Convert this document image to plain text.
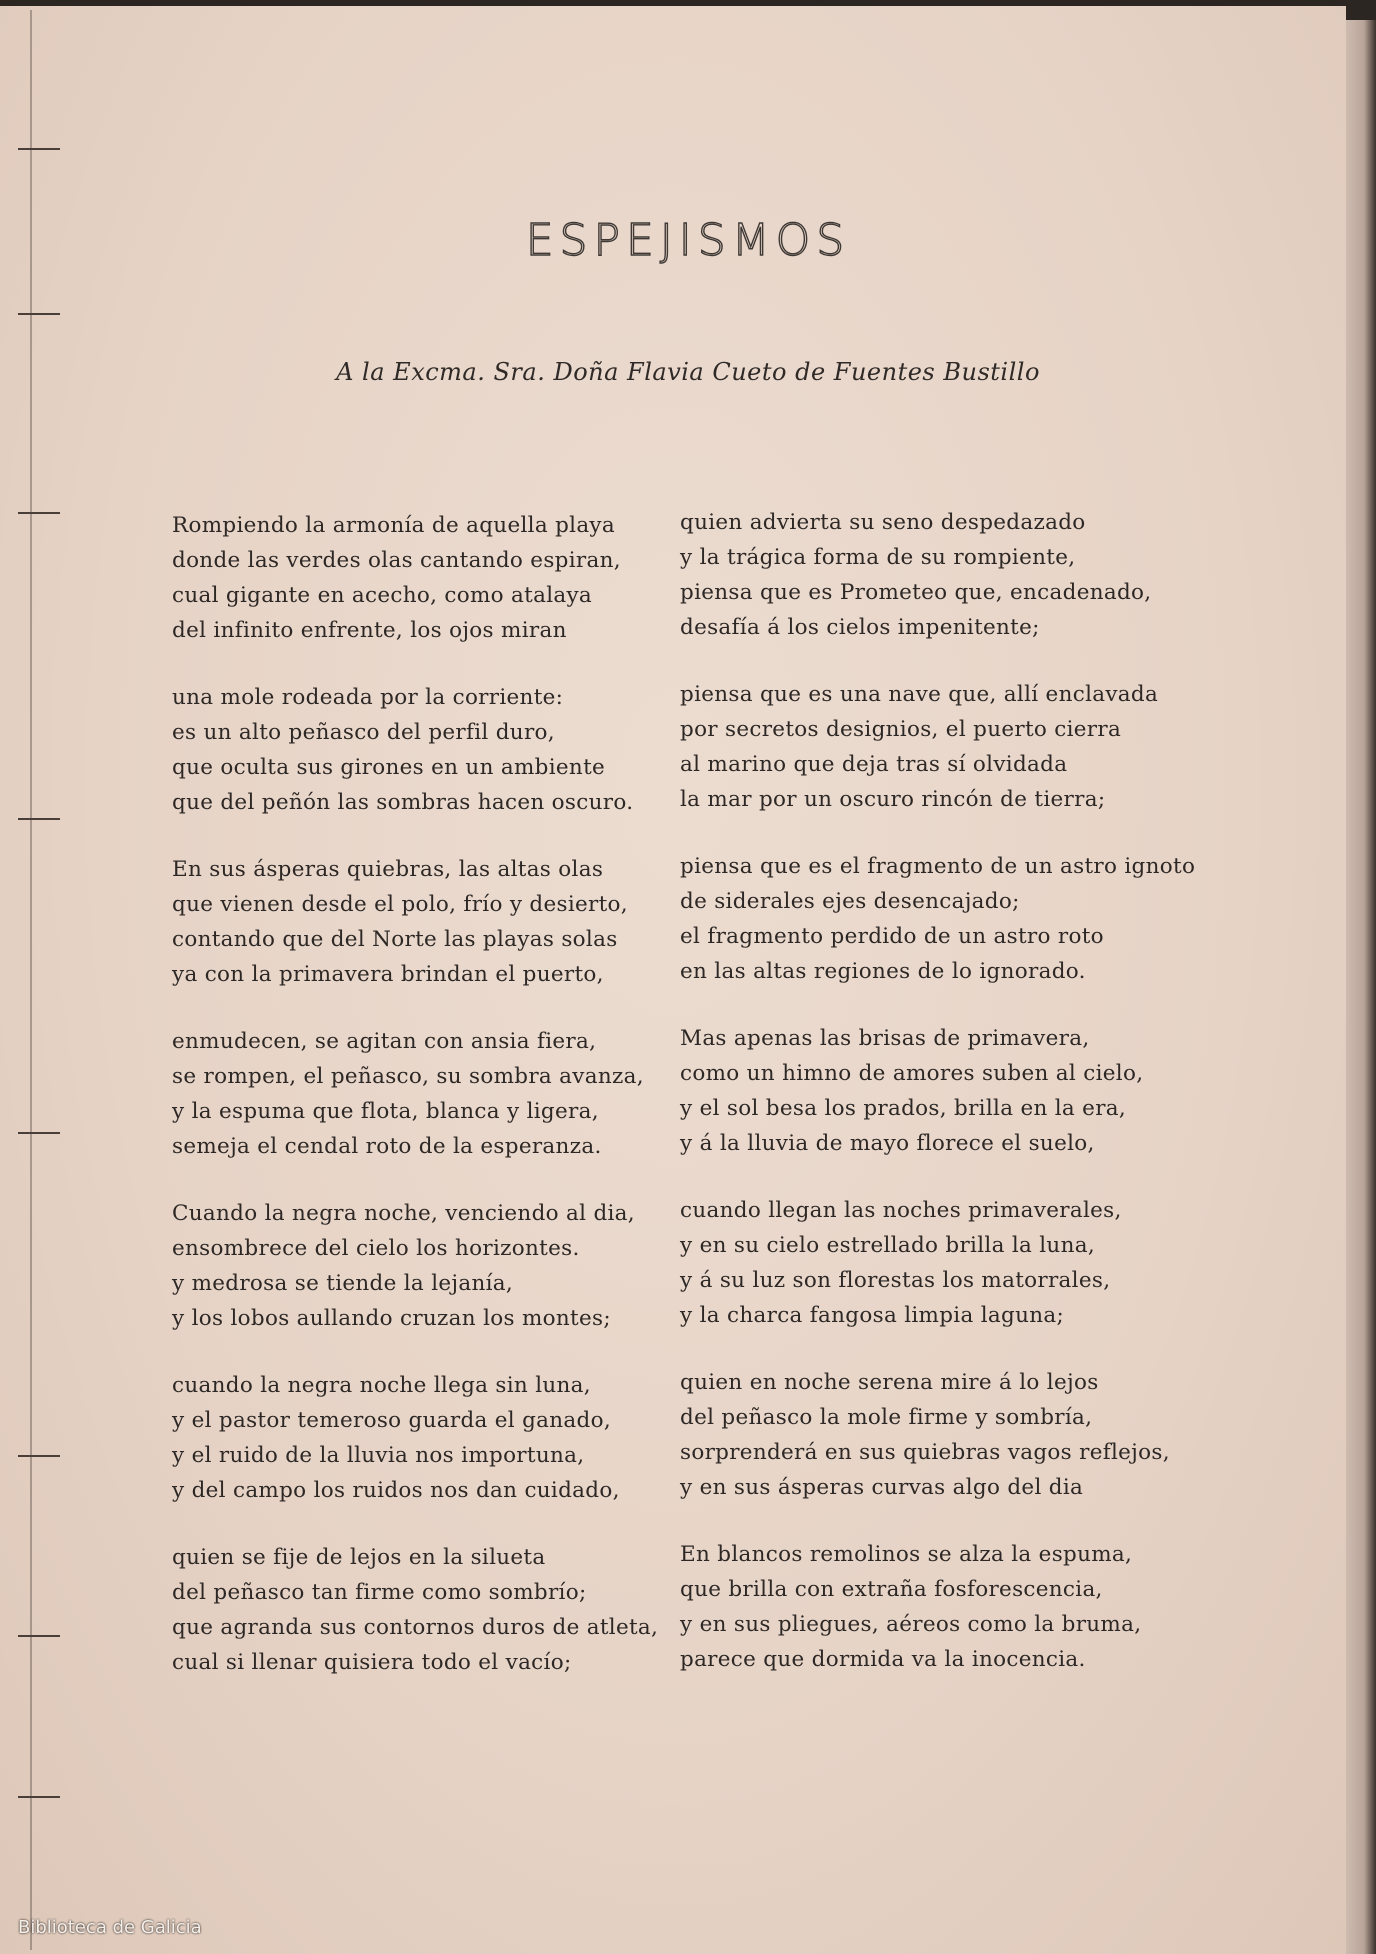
ESPEJISMOS
A la Excma. Sra. Doña Flavia Cueto de Fuentes Bustillo
Rompiendo la armonía de aquella playa
donde las verdes olas cantando espiran,
cual gigante en acecho, como atalaya
del infinito enfrente, los ojos miran
una mole rodeada por la corriente:
es un alto peñasco del perfil duro,
que oculta sus girones en un ambiente
que del peñón las sombras hacen oscuro.
En sus ásperas quiebras, las altas olas
que vienen desde el polo, frío y desierto,
contando que del Norte las playas solas
ya con la primavera brindan el puerto,
enmudecen, se agitan con ansia fiera,
se rompen, el peñasco, su sombra avanza,
y la espuma que flota, blanca y ligera,
semeja el cendal roto de la esperanza.
Cuando la negra noche, venciendo al dia,
ensombrece del cielo los horizontes.
y medrosa se tiende la lejanía,
y los lobos aullando cruzan los montes;
cuando la negra noche llega sin luna,
y el pastor temeroso guarda el ganado,
y el ruido de la lluvia nos importuna,
y del campo los ruidos nos dan cuidado,
quien se fije de lejos en la silueta
del peñasco tan firme como sombrío;
que agranda sus contornos duros de atleta,
cual si llenar quisiera todo el vacío;
quien advierta su seno despedazado
y la trágica forma de su rompiente,
piensa que es Prometeo que, encadenado,
desafía á los cielos impenitente;
piensa que es una nave que, allí enclavada
por secretos designios, el puerto cierra
al marino que deja tras sí olvidada
la mar por un oscuro rincón de tierra;
piensa que es el fragmento de un astro ignoto
de siderales ejes desencajado;
el fragmento perdido de un astro roto
en las altas regiones de lo ignorado.
Mas apenas las brisas de primavera,
como un himno de amores suben al cielo,
y el sol besa los prados, brilla en la era,
y á la lluvia de mayo florece el suelo,
cuando llegan las noches primaverales,
y en su cielo estrellado brilla la luna,
y á su luz son florestas los matorrales,
y la charca fangosa limpia laguna;
quien en noche serena mire á lo lejos
del peñasco la mole firme y sombría,
sorprenderá en sus quiebras vagos reflejos,
y en sus ásperas curvas algo del dia
En blancos remolinos se alza la espuma,
que brilla con extraña fosforescencia,
y en sus pliegues, aéreos como la bruma,
parece que dormida va la inocencia.
Biblioteca de Galicia
